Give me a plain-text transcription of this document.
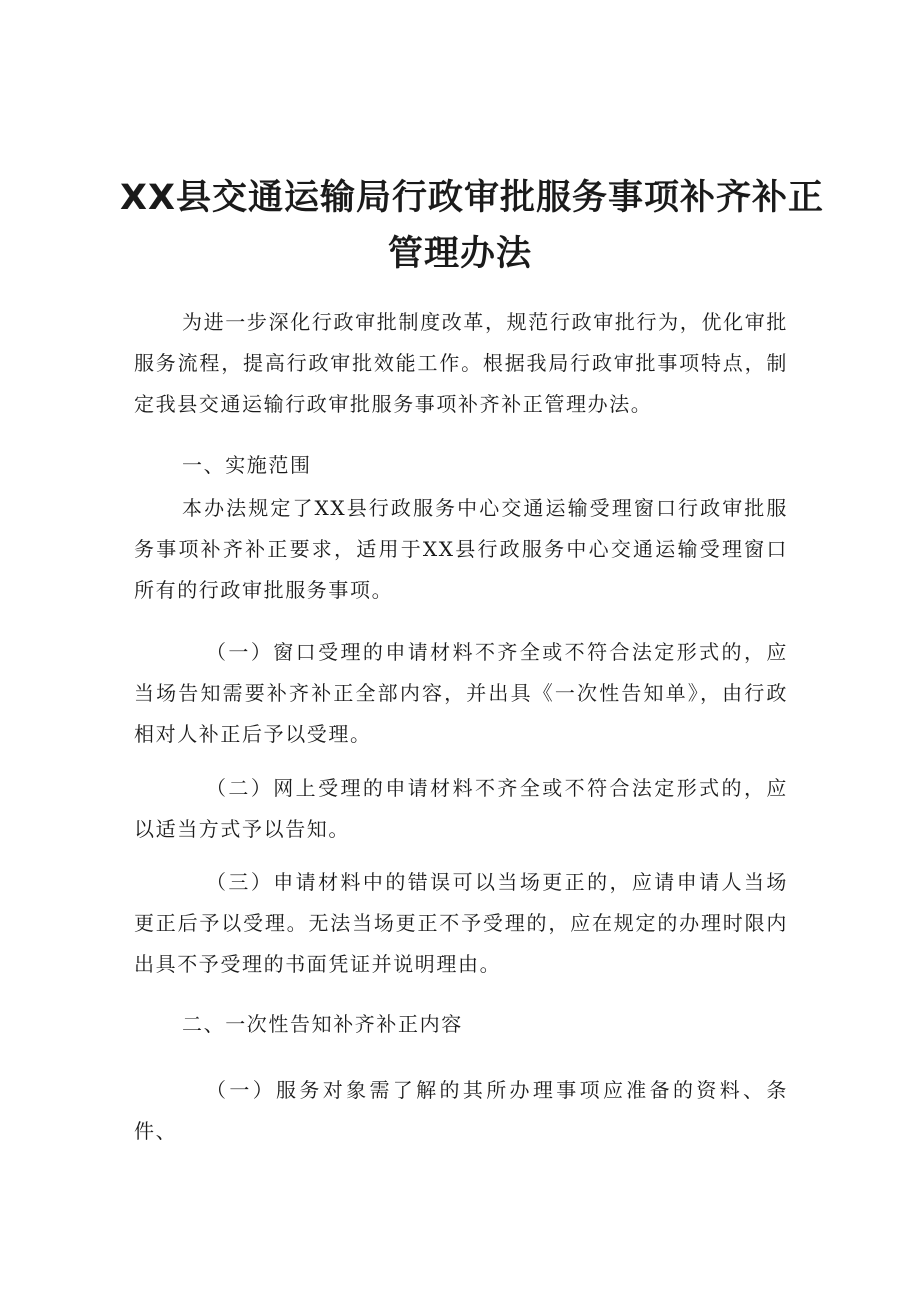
XX县交通运输局行政审批服务事项补齐补正
管理办法

为进一步深化行政审批制度改革，规范行政审批行为，优化审批服务流程，提高行政审批效能工作。根据我局行政审批事项特点，制定我县交通运输行政审批服务事项补齐补正管理办法。

一、实施范围

本办法规定了XX县行政服务中心交通运输受理窗口行政审批服务事项补齐补正要求，适用于XX县行政服务中心交通运输受理窗口所有的行政审批服务事项。

（一）窗口受理的申请材料不齐全或不符合法定形式的，应当场告知需要补齐补正全部内容，并出具《一次性告知单》，由行政相对人补正后予以受理。

（二）网上受理的申请材料不齐全或不符合法定形式的，应以适当方式予以告知。

（三）申请材料中的错误可以当场更正的，应请申请人当场更正后予以受理。无法当场更正不予受理的，应在规定的办理时限内出具不予受理的书面凭证并说明理由。

二、一次性告知补齐补正内容

（一）服务对象需了解的其所办理事项应准备的资料、条件、
